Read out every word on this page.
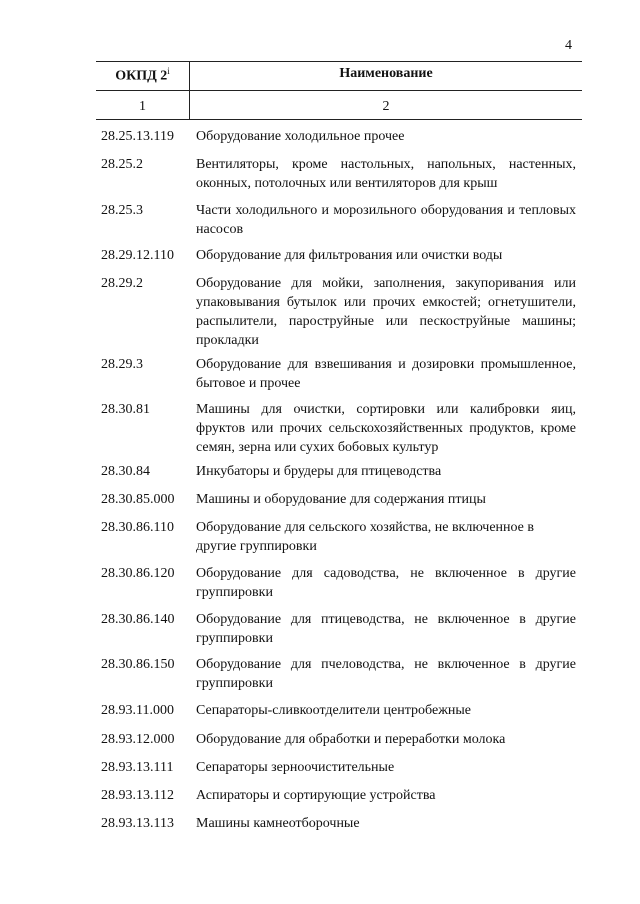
4
ОКПД 2$^i$	Наименование
1	2
28.25.13.119 Оборудование холодильное прочее
28.25.2	Вентиляторы, кроме настольных, напольных, настенных, оконных, потолочных или вентиляторов для крыш
28.25.3	Части холодильного и морозильного оборудования и тепловых насосов
28.29.12.110 Оборудование для фильтрования или очистки воды
28.29.2	Оборудование для мойки, заполнения, закупоривания или упаковывания бутылок или прочих емкостей; огнетушители, распылители, пароструйные или пескоструйные машины; прокладки
28.29.3	Оборудование для взвешивания и дозировки промышленное, бытовое и прочее
28.30.81	Машины для очистки, сортировки или калибровки яиц, фруктов или прочих сельскохозяйственных продуктов, кроме семян, зерна или сухих бобовых культур
28.30.84	Инкубаторы и брудеры для птицеводства
28.30.85.000 Машины и оборудование для содержания птицы
28.30.86.110 Оборудование для сельского хозяйства, не включенное в другие группировки
28.30.86.120 Оборудование для садоводства, не включенное в другие группировки
28.30.86.140 Оборудование для птицеводства, не включенное в другие группировки
28.30.86.150 Оборудование для пчеловодства, не включенное в другие группировки
28.93.11.000 Сепараторы-сливкоотделители центробежные
28.93.12.000 Оборудование для обработки и переработки молока
28.93.13.111 Сепараторы зерноочистительные
28.93.13.112 Аспираторы и сортирующие устройства
28.93.13.113 Машины камнеотборочные
